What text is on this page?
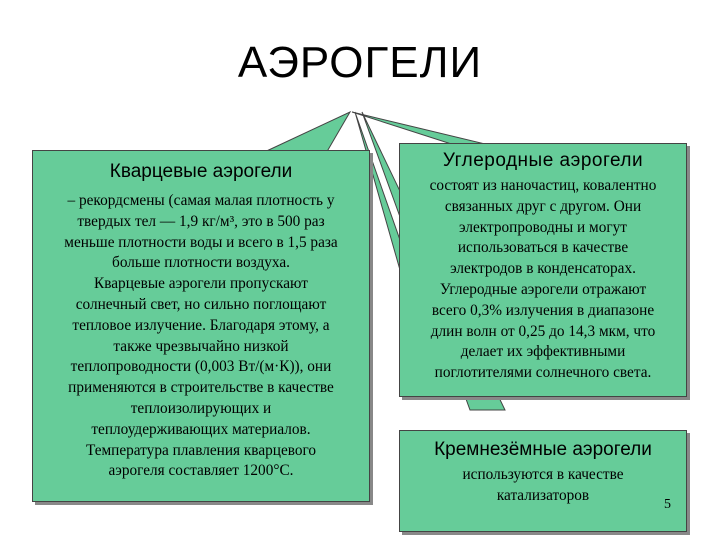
АЭРОГЕЛИ
Кварцевые аэрогели
– рекордсмены (самая малая плотность у
твердых тел — 1,9 кг/м³, это в 500 раз
меньше плотности воды и всего в 1,5 раза
больше плотности воздуха.
Кварцевые аэрогели пропускают
солнечный свет, но сильно поглощают
тепловое излучение. Благодаря этому, а
также чрезвычайно низкой
теплопроводности (0,003 Вт/(м·К)), они
применяются в строительстве в качестве
теплоизолирующих и
теплоудерживающих материалов.
Температура плавления кварцевого
аэрогеля составляет 1200°С.
Углеродные аэрогели
состоят из наночастиц, ковалентно
связанных друг с другом. Они
электропроводны и могут
использоваться в качестве
электродов в конденсаторах.
Углеродные аэрогели отражают
всего 0,3% излучения в диапазоне
длин волн от 0,25 до 14,3 мкм, что
делает их эффективными
поглотителями солнечного света.
Кремнезёмные аэрогели
используются в качестве
катализаторов
5
